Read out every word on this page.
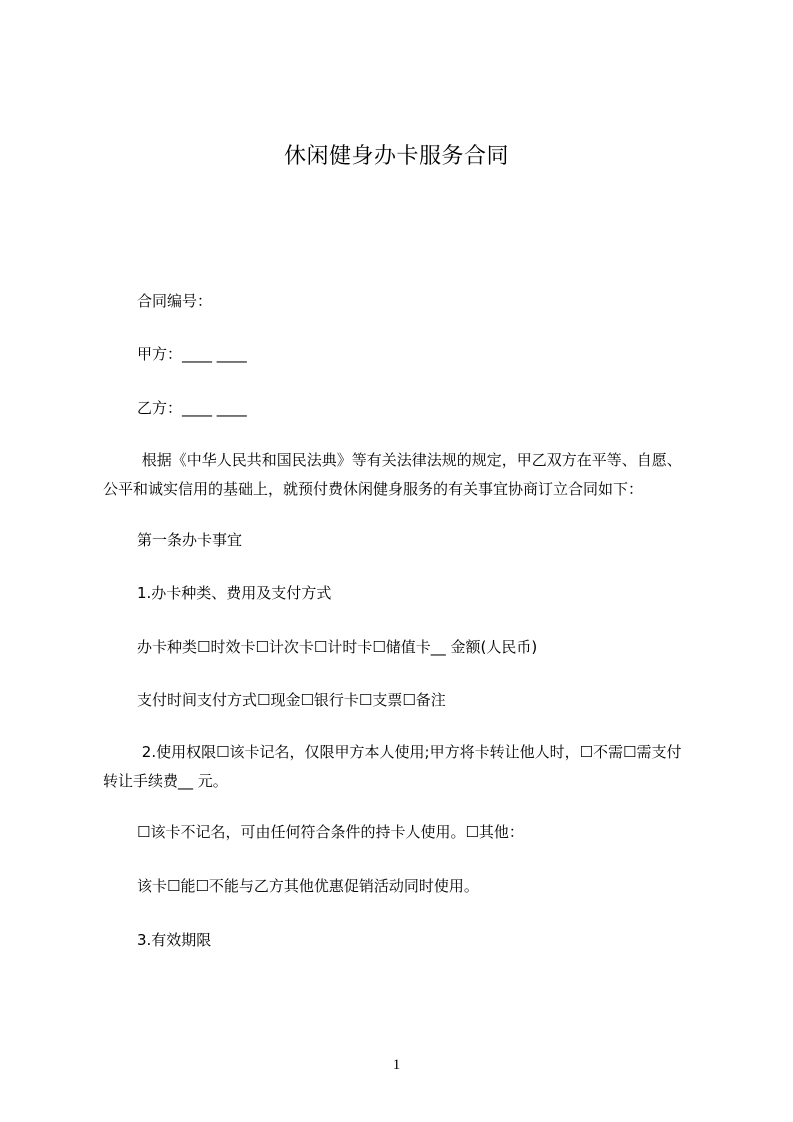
休闲健身办卡服务合同
合同编号：
甲方：____ ____
乙方：____ ____
根据《中华人民共和国民法典》等有关法律法规的规定，甲乙双方在平等、自愿、公平和诚实信用的基础上，就预付费休闲健身服务的有关事宜协商订立合同如下：
第一条办卡事宜
1.办卡种类、费用及支付方式
办卡种类☐时效卡☐计次卡☐计时卡☐储值卡__ 金额(人民币)
支付时间支付方式☐现金☐银行卡☐支票☐备注
2.使用权限☐该卡记名，仅限甲方本人使用;甲方将卡转让他人时，☐不需☐需支付转让手续费__ 元。
☐该卡不记名，可由任何符合条件的持卡人使用。☐其他：
该卡☐能☐不能与乙方其他优惠促销活动同时使用。
3.有效期限
1
